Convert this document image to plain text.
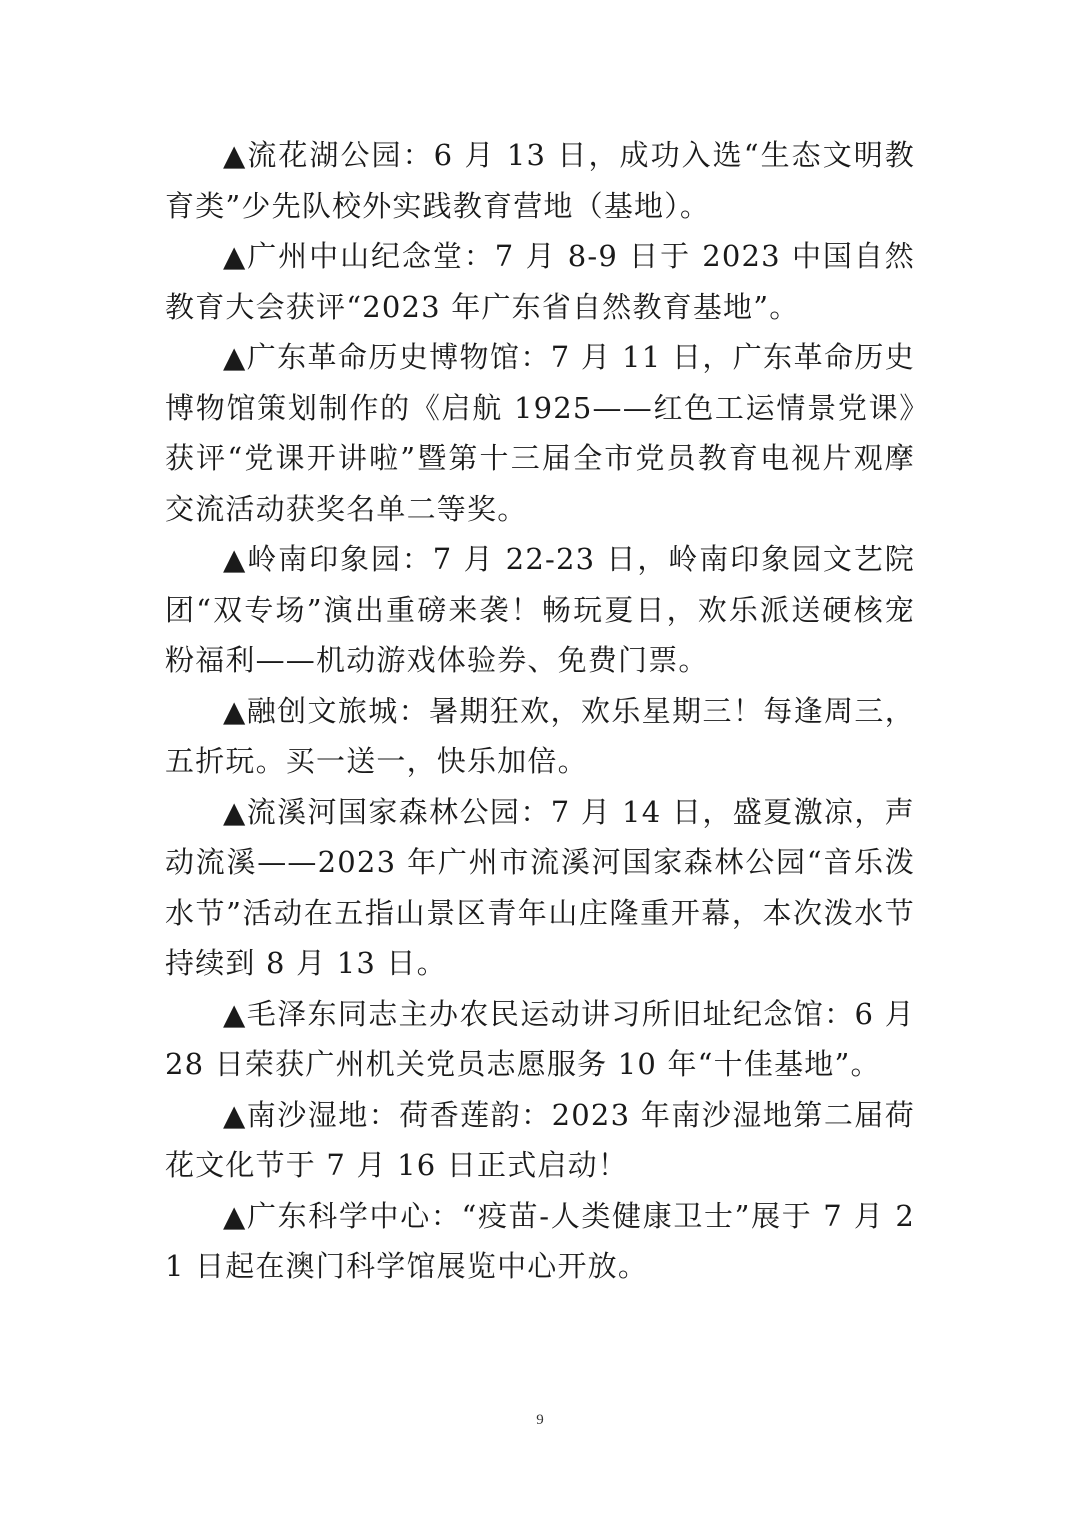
▲流花湖公园：6 月 13 日，成功入选“生态文明教育类”少先队校外实践教育营地（基地）。

▲广州中山纪念堂：7 月 8-9 日于 2023 中国自然教育大会获评“2023 年广东省自然教育基地”。

▲广东革命历史博物馆：7 月 11 日，广东革命历史博物馆策划制作的《启航 1925——红色工运情景党课》获评“党课开讲啦”暨第十三届全市党员教育电视片观摩交流活动获奖名单二等奖。

▲岭南印象园：7 月 22-23 日，岭南印象园文艺院团“双专场”演出重磅来袭！畅玩夏日，欢乐派送硬核宠粉福利——机动游戏体验券、免费门票。

▲融创文旅城：暑期狂欢，欢乐星期三！每逢周三，五折玩。买一送一，快乐加倍。

▲流溪河国家森林公园：7 月 14 日，盛夏激凉，声动流溪——2023 年广州市流溪河国家森林公园“音乐泼水节”活动在五指山景区青年山庄隆重开幕，本次泼水节持续到 8 月 13 日。

▲毛泽东同志主办农民运动讲习所旧址纪念馆：6 月 28 日荣获广州机关党员志愿服务 10 年“十佳基地”。

▲南沙湿地：荷香莲韵：2023 年南沙湿地第二届荷花文化节于 7 月 16 日正式启动！

▲广东科学中心：“疫苗-人类健康卫士”展于 7 月 21 日起在澳门科学馆展览中心开放。

9
